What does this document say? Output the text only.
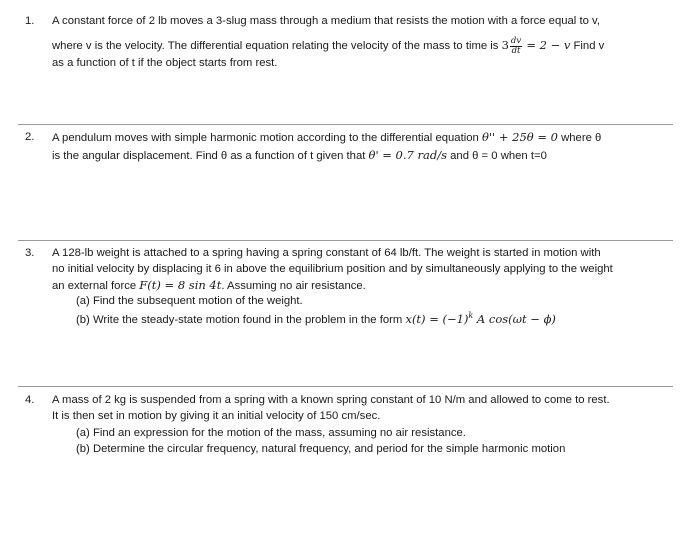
1. A constant force of 2 lb moves a 3-slug mass through a medium that resists the motion with a force equal to v,
where v is the velocity. The differential equation relating the velocity of the mass to time is $3 \frac{dv}{dt} = 2 - v$ Find v
as a function of t if the object starts from rest.
2. A pendulum moves with simple harmonic motion according to the differential equation θ'' + 25θ = 0 where θ
is the angular displacement. Find θ as a function of t given that θ' = 0.7 rad/s and θ = 0 when t=0
3. A 128-lb weight is attached to a spring having a spring constant of 64 lb/ft. The weight is started in motion with
no initial velocity by displacing it 6 in above the equilibrium position and by simultaneously applying to the weight
an external force F(t) = 8 sin 4t. Assuming no air resistance.
(a) Find the subsequent motion of the weight.
(b) Write the steady-state motion found in the problem in the form $x(t) = (-1)^k$ A cos(ωt − ϕ)
4. A mass of 2 kg is suspended from a spring with a known spring constant of 10 N/m and allowed to come to rest.
It is then set in motion by giving it an initial velocity of 150 cm/sec.
(a) Find an expression for the motion of the mass, assuming no air resistance.
(b) Determine the circular frequency, natural frequency, and period for the simple harmonic motion
